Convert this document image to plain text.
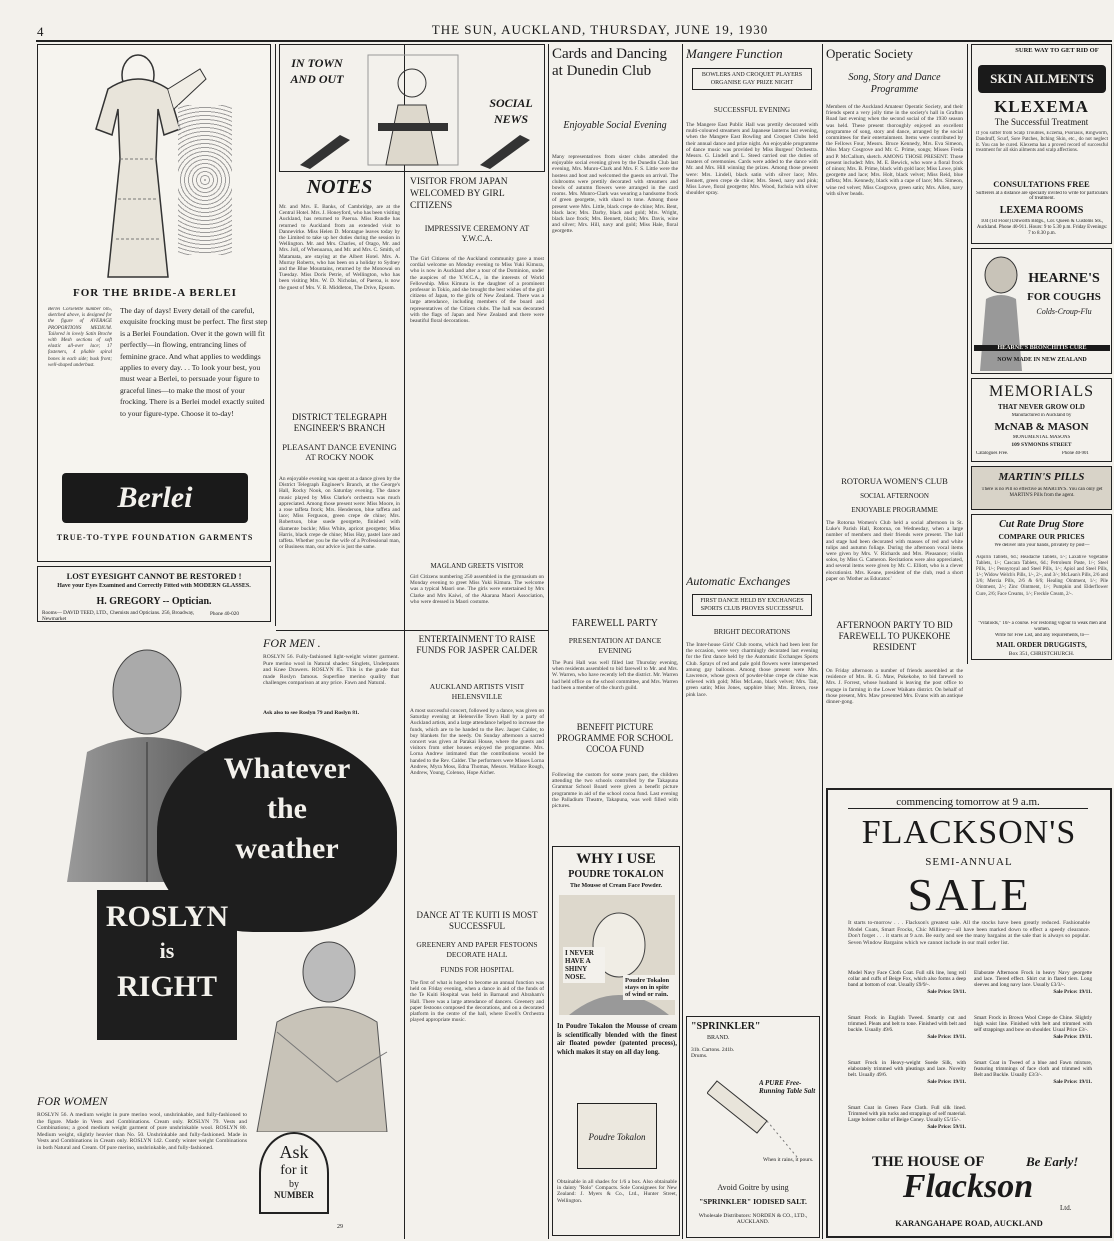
4	THE SUN, AUCKLAND, THURSDAY, JUNE 19, 1930
FOR THE BRIDE-A BERLEI
Berlei Corselette number 605, sketched above, is designed for the figure of AVERAGE PROPORTIONS MEDIUM. Tailored in lovely Satin Broche with Mesh sections of soft elastic all-over lace; 17 fasteners, 4 pliable spiral bones in each side; busk front; well-shaped underbust.
The day of days! Every detail of the careful, exquisite frocking must be perfect. The first step is a Berlei Foundation. Over it the gown will fit perfectly—in flowing, entrancing lines of feminine grace. And what applies to weddings applies to every day. . . To look your best, you must wear a Berlei, to persuade your figure to graceful lines—to make the most of your frocking. There is a Berlei model exactly suited to your figure-type. Choose it to-day!
Berlei
TRUE-TO-TYPE FOUNDATION GARMENTS
LOST EYESIGHT CANNOT BE RESTORED !
Have your Eyes Examined and Correctly Fitted with MODERN GLASSES.
H. GREGORY -- Optician.
Rooms— DAVID TEED, LTD., Chemists and Opticians. 256, Broadway, Newmarket
Phone 40-020
IN TOWN AND OUT
SOCIAL NEWS
NOTES
Mr. and Mrs. E. Banks, of Cambridge, are at the Central Hotel. Mrs. J. Honeyford, who has been visiting Auckland, has returned to Paeroa. Miss Rundle has returned to Auckland from an extended visit to Dannevirke. Miss Helen D. Montague leaves today by the Limited to take up her duties during the session in Wellington. Mr. and Mrs. Charles, of Otago, Mr. and Mrs. Joll, of Whenuaroa, and Mr. and Mrs. C. Smith, of Matamata, are staying at the Albert Hotel. Mrs. A. Murray Roberts, who has been on a holiday to Sydney and the Blue Mountains, returned by the Monowai on Tuesday. Miss Doris Petrie, of Wellington, who has been visiting Mrs. W. D. Nicholas, of Paeroa, is now the guest of Mrs. V. B. Middleton, The Drive, Epsom.
DISTRICT TELEGRAPH ENGINEER'S BRANCH
PLEASANT DANCE EVENING AT ROCKY NOOK
An enjoyable evening was spent at a dance given by the District Telegraph Engineer's Branch, at the George's Hall, Rocky Nook, on Saturday evening. The dance music played by Miss Clarke's orchestra was much appreciated. Among those present were: Miss Moore, in a rose taffeta frock; Mrs. Henderson, blue taffeta and lace; Miss Ferguson, green crepe de chine; Mrs. Robertson, blue suede georgette, finished with diamente buckle; Miss White, apricot georgette; Miss Harris, black crepe de chine; Miss Hay, pastel lace and taffeta. Whether you be the wife of a Professional man, or Business man, our advice is just the same.
VISITOR FROM JAPAN WELCOMED BY GIRL CITIZENS
IMPRESSIVE CEREMONY AT Y.W.C.A.
The Girl Citizens of the Auckland community gave a most cordial welcome on Monday evening to Miss Yuki Kimura, who is now in Auckland after a tour of the Dominion, under the auspices of the Y.W.C.A., in the interests of World Fellowship. Miss Kimura is the daughter of a prominent professor in Tokio, and she brought the best wishes of the girl citizens of Japan, to the girls of New Zealand. There was a large attendance, including members of the board and representatives of the Citizen clubs. The hall was decorated with the flags of Japan and New Zealand and there were beautiful floral decorations.
MAGLAND GREETS VISITOR
Girl Citizens numbering 250 assembled in the gymnasium on Monday evening to greet Miss Yuki Kimura. The welcome was a typical Maori one. The girls were entertained by Mrs Clarke and Mrs Kaiwi, of the Akarana Maori Association, who were dressed in Maori costume.
FOR MEN .
ROSLYN 56. Fully-fashioned light-weight winter garment. Pure merino wool in Natural shades: Singlets, Underpants and Knee Drawers. ROSLYN 85. This is the grade that made Roslyn famous. Superfine merino quality that challenges comparison at any price. Fawn and Natural.
Ask also to see Roslyn 79 and Roslyn 81.
Whatever
the
weather
ROSLYN
is
RIGHT
FOR WOMEN
ROSLYN 56. A medium weight in pure merino wool, unshrinkable, and fully-fashioned to the figure. Made in Vests and Combinations. Cream only. ROSLYN 79. Vests and Combinations; a good medium weight garment of pure unshrinkable wool. ROSLYN 80. Medium weight, slightly heavier than No. 50. Unshrinkable and fully-fashioned. Made in Vests and Combinations in Cream only. ROSLYN 142. Comfy winter weight Combinations in both Natural and Cream. Of pure merino, unshrinkable, and fully-fashioned.	Ask
for it
by
NUMBER
29
ENTERTAINMENT TO RAISE FUNDS FOR JASPER CALDER
AUCKLAND ARTISTS VISIT HELENSVILLE
A most successful concert, followed by a dance, was given on Saturday evening at Helensville Town Hall by a party of Auckland artists, and a large attendance helped to increase the funds, which are to be handed to the Rev. Jasper Calder, to buy blankets for the needy. On Sunday afternoon a sacred concert was given at Parakai House, where the guests and visitors from other houses enjoyed the programme. Mrs. Lorna Andrew intimated that the contributions would be handed to the Rev. Calder. The performers were Misses Lorna Andrew, Myra Moss, Edna Thomas, Messrs. Wallace Rough, Andrew, Young, Colenso, Hope Aicher.
DANCE AT TE KUITI IS MOST SUCCESSFUL
GREENERY AND PAPER FESTOONS DECORATE HALL
FUNDS FOR HOSPITAL
The first of what is hoped to become an annual function was held on Friday evening, when a dance in aid of the funds of the Te Kuiti Hospital was held in Barnaud and Abraham's Hall. There was a large attendance of dancers. Greenery and paper festoons composed the decorations, and on a decorated platform in the centre of the hall, where Ewell's Orchestra played appropriate music.
Cards and Dancing at Dunedin Club
Enjoyable Social Evening
Many representatives from sister clubs attended the enjoyable social evening given by the Dunedin Club last evening, Mrs. Munro-Clark and Mrs. F. S. Little were the hostess and host and welcomed the guests on arrival. The clubrooms were prettily decorated with streamers and bowls of autumn flowers were arranged in the card rooms. Mrs. Munro-Clark was wearing a handsome frock of green georgette, with shawl to tone. Among those present were Mrs. Little, black crepe de chine; Mrs. Bent, black lace; Mrs. Darby, black and gold; Mrs. Wright, black lace frock; Mrs. Bennett, black; Mrs. Davis, wine and silver; Mrs. Hill, navy and gold; Miss Hale, floral georgette.
FAREWELL PARTY
PRESENTATION AT DANCE EVENING
The Puni Hall was well filled last Thursday evening, when residents assembled to bid farewell to Mr. and Mrs. W. Warren, who have recently left the district. Mr. Warren had held office on the school committee, and Mrs. Warren had been a member of the church guild.
BENEFIT PICTURE PROGRAMME FOR SCHOOL COCOA FUND
Following the custom for some years past, the children attending the two schools controlled by the Takapuna Grammar School Board were given a benefit picture programme in aid of the school cocoa fund. Last evening the Palladium Theatre, Takapuna, was well filled with pictures.
WHY I USE
POUDRE TOKALON
The Mousse of Cream Face Powder.
I NEVER HAVE A SHINY NOSE.	Poudre Tokalon stays on in spite of wind or rain.
In Poudre Tokalon the Mousse of cream is scientifically blended with the finest air floated powder (patented process), which makes it stay on all day long.
Poudre Tokalon
Obtainable in all shades for 1/6 a box. Also obtainable in dainty "Rolo" Compacts. Sole Consignees for New Zealand: J. Myers & Co., Ltd., Hunter Street, Wellington.
Mangere Function
BOWLERS AND CROQUET PLAYERS ORGANISE GAY PRIZE NIGHT
SUCCESSFUL EVENING
The Mangere East Public Hall was prettily decorated with multi-coloured streamers and Japanese lanterns last evening, when the Mangere East Bowling and Croquet Clubs held their annual dance and prize night. An enjoyable programme of dance music was provided by Miss Burgess' Orchestra. Messrs. G. Lindell and L. Steed carried out the duties of masters of ceremonies. Cards were added to the dance with Mr. and Mrs. Hill winning the prizes. Among those present were: Mrs. Lindell, black satin with silver lace; Mrs. Bennett, green crepe de chine; Mrs. Steed, navy and pink; Miss Lowe, floral georgette; Mrs. Wood, fuchsia with silver shoulder spray.
Automatic Exchanges
FIRST DANCE HELD BY EXCHANGES SPORTS CLUB PROVES SUCCESSFUL
BRIGHT DECORATIONS
The Inter-house Girls' Club rooms, which had been lent for the occasion, were very charmingly decorated last evening for the first dance held by the Automatic Exchanges Sports Club. Sprays of red and pale gold flowers were interspersed among gay balloons. Among those present were Mrs. Lawrence, whose gown of powder-blue crepe de chine was relieved with gold; Miss McLean, black velvet; Mrs. Tait, green satin; Miss Jones, sapphire blue; Mrs. Brown, rose pink lace.
"SPRINKLER"
BRAND.
31b. Cartons. 241b. Drums.
A PURE Free-Running Table Salt
When it rains, it pours.
Avoid Goitre by using
"SPRINKLER" IODISED SALT.
Wholesale Distributors: NORDEN & CO., LTD., AUCKLAND.
Operatic Society
Song, Story and Dance Programme
Members of the Auckland Amateur Operatic Society, and their friends spent a very jolly time in the society's hall in Grafton Road last evening when the second social of the 1930 season was held. These present thoroughly enjoyed an excellent programme of song, story and dance, arranged by the social committees for their entertainment. Items were contributed by the Fellows Four, Messrs. Bruce Kennedy, Mrs. Eva Simeon, Miss Mary Cosgrove and Mr. C. Prime, songs; Misses Freda and P. McCallum, sketch. AMONG THOSE PRESENT. Those present included: Mrs. M. E. Bewick, who wore a floral frock of ninon; Mrs. B. Prime, black with gold lace; Miss Lowe, pink georgette and lace; Mrs. Holt, black velvet; Miss Reid, blue taffeta; Mrs. Kennedy, black with a cape of lace; Mrs. Simeon, wine red velvet; Miss Cosgrove, green satin; Mrs. Allen, navy with silver beads.
ROTORUA WOMEN'S CLUB
SOCIAL AFTERNOON
ENJOYABLE PROGRAMME
The Rotorua Women's Club held a social afternoon in St. Luke's Parish Hall, Rotorua, on Wednesday, when a large number of members and their friends were present. The hall and stage had been decorated with masses of red and white tulips and autumn foliage. During the afternoon vocal items were given by Mrs. V. Richards and Mrs. Pleasance; violin solos, by Miss G. Cameron. Recitations were also appreciated, and several items were given by Mr. C. Elliott, who is a clever elocutionist. Mrs. Keane, president of the club, read a short paper on 'Mother as Educator.'
AFTERNOON PARTY TO BID FAREWELL TO PUKEKOHE RESIDENT
On Friday afternoon a number of friends assembled at the residence of Mrs. R. G. Maw, Pukekohe, to bid farewell to Mrs. J. Forrest, whose husband is leaving the post office to engage in farming in the Lower Waikato district. On behalf of those present, Mrs. Maw presented Mrs. Evans with an antique dinner-gong.
SURE WAY TO GET RID OF
SKIN AILMENTS
KLEXEMA
The Successful Treatment
If you suffer from Scalp Troubles, Eczema, Psoriasis, Ringworm, Dandruff, Scurf, Sore Patches, Itching Skin, etc., do not neglect it. You can be cured. Klexema has a proved record of successful treatment for all skin ailments and scalp affections.
CONSULTATIONS FREE
Sufferers at a distance are specially invited to write for particulars of treatment.
LEXEMA ROOMS
104 (1st Floor) Dilworth Bldgs., Cor. Queen & Customs Sts., Auckland. Phone 40-911. Hours: 9 to 5.30 p.m. Friday Evenings: 7 to 8.30 p.m.
HEARNE'S
FOR COUGHS
Colds-Croup-Flu
HEARNE'S BRONCHITIS CURE
NOW MADE IN NEW ZEALAND
MEMORIALS
THAT NEVER GROW OLD
Manufactured in Auckland by
McNAB & MASON
MONUMENTAL MASONS
109 SYMONDS STREET
Catalogues Free.	Phone 40-901
MARTIN'S PILLS
There is no Pill so effective as MARTIN'S. You can only get MARTIN'S Pills from the agent.
Cut Rate Drug Store
COMPARE OUR PRICES
We deliver into your hands, privately by post—
Aspirin Tablets, 6d.; Headache Tablets, 1/-; Laxative Vegetable Tablets, 1/-; Cascara Tablets, 6d.; Petroleum Paste, 1/-; Steel Pills, 1/-; Pennyroyal and Steel Pills, 1/-; Apiol and Steel Pills, 1/-; Widow Welch's Pills, 1/-, 2/-, and 3/-; McLean's Pills, 2/6 and 3/6; Mercia Pills, 2/6 & 6/6; Healing Ointment, 1/-; Pile Ointment, 2/-; Zinc Ointment, 1/-; Pumpkin and Elderflower Cure, 2/6; Face Creams, 1/-; Freckle Cream, 2/-.
"Vitaliods," 10/- a course. For restoring vigour to weak men and women.
Write for Free List, and any requirements, to—
MAIL ORDER DRUGGISTS,
Box 351, CHRISTCHURCH.
commencing tomorrow at 9 a.m.
FLACKSON'S
SEMI-ANNUAL
SALE
It starts to-morrow . . . Flackson's greatest sale. All the stocks have been greatly reduced. Fashionable Model Coats, Smart Frocks, Chic Millinery—all have been marked down to effect a speedy clearance. Don't forget . . . it starts at 9 a.m. Be early and see the many bargains at the sale that is always so popular. Seven Window Bargains which we cannot include in our mail order list.
Model Navy Face Cloth Coat. Full silk line, long roll collar and cuffs of Beige Fox, which also forms a deep band at bottom of coat. Usually £9/9/-.
Sale Price: 59/11.
Smart Frock in English Tweed. Smartly cut and trimmed. Pleats and belt to tone. Finished with belt and buckle. Usually 49/6.
Sale Price: 19/11.
Smart Frock in Heavy-weight Suede Silk, with elaborately trimmed with pleatings and lace. Novelty belt. Usually 49/6.
Sale Price: 19/11.
Smart Coat in Green Face Cloth. Full silk lined. Trimmed with pin tucks and strappings of self material. Large bolster collar of Beige Coney. Usually £5/15/-.
Sale Price: 59/11.
Elaborate Afternoon Frock in heavy Navy georgette and lace. Tiered effect. Shirt cut in flared tiers. Long sleeves and long navy lace. Usually £3/3/-.
Sale Price: 19/11.
Smart Frock in Brown Wool Crepe de Chine. Slightly high waist line. Finished with belt and trimmed with self strappings and bow on shoulder. Usual Price £3/-.
Sale Price: 19/11.
Smart Coat in Tweed of a blue and Fawn mixture, featuring trimmings of face cloth and trimmed with Belt and Buckle. Usually £3/3/-.
Sale Price: 19/11.
THE HOUSE OF	Be Early!
Flackson
Ltd.
KARANGAHAPE ROAD, AUCKLAND
